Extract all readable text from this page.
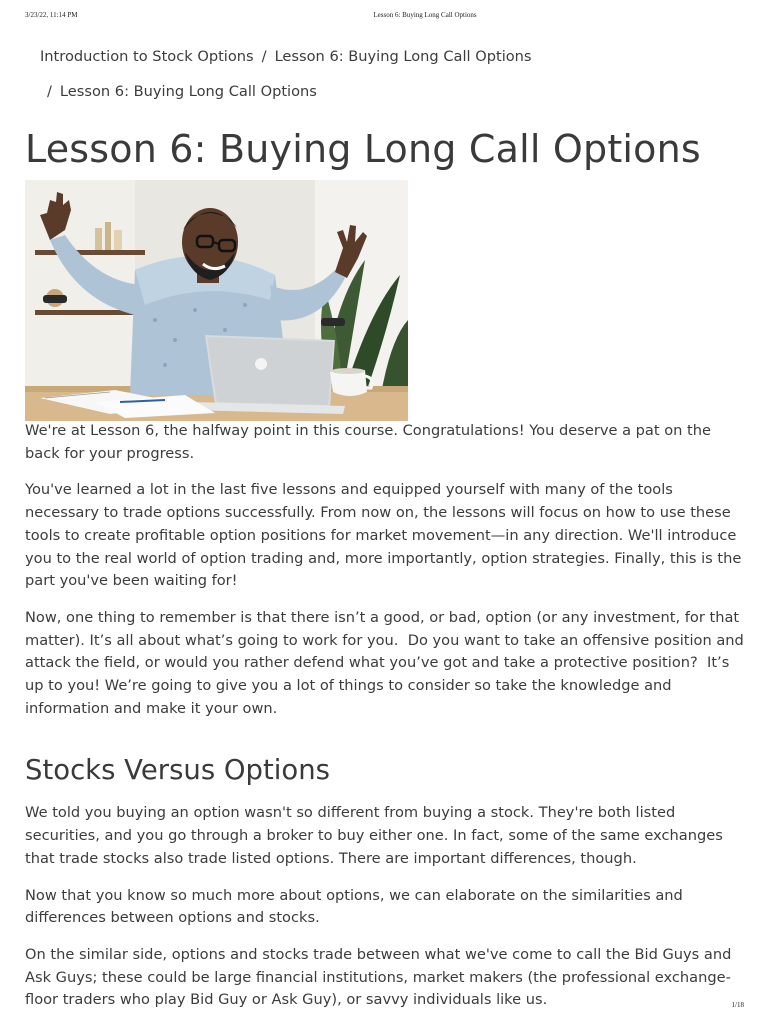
3/23/22, 11:14 PM	Lesson 6: Buying Long Call Options
Introduction to Stock Options / Lesson 6: Buying Long Call Options
/ Lesson 6: Buying Long Call Options
Lesson 6: Buying Long Call Options

We're at Lesson 6, the halfway point in this course. Congratulations! You deserve a pat on the back for your progress.

You've learned a lot in the last five lessons and equipped yourself with many of the tools necessary to trade options successfully. From now on, the lessons will focus on how to use these tools to create profitable option positions for market movement—in any direction. We'll introduce you to the real world of option trading and, more importantly, option strategies. Finally, this is the part you've been waiting for!

Now, one thing to remember is that there isn’t a good, or bad, option (or any investment, for that matter). It’s all about what’s going to work for you.  Do you want to take an offensive position and attack the field, or would you rather defend what you’ve got and take a protective position?  It’s up to you! We’re going to give you a lot of things to consider so take the knowledge and information and make it your own.

Stocks Versus Options

We told you buying an option wasn't so different from buying a stock. They're both listed securities, and you go through a broker to buy either one. In fact, some of the same exchanges that trade stocks also trade listed options. There are important differences, though.

Now that you know so much more about options, we can elaborate on the similarities and differences between options and stocks.

On the similar side, options and stocks trade between what we've come to call the Bid Guys and Ask Guys; these could be large financial institutions, market makers (the professional exchange-floor traders who play Bid Guy or Ask Guy), or savvy individuals like us.	1/18
